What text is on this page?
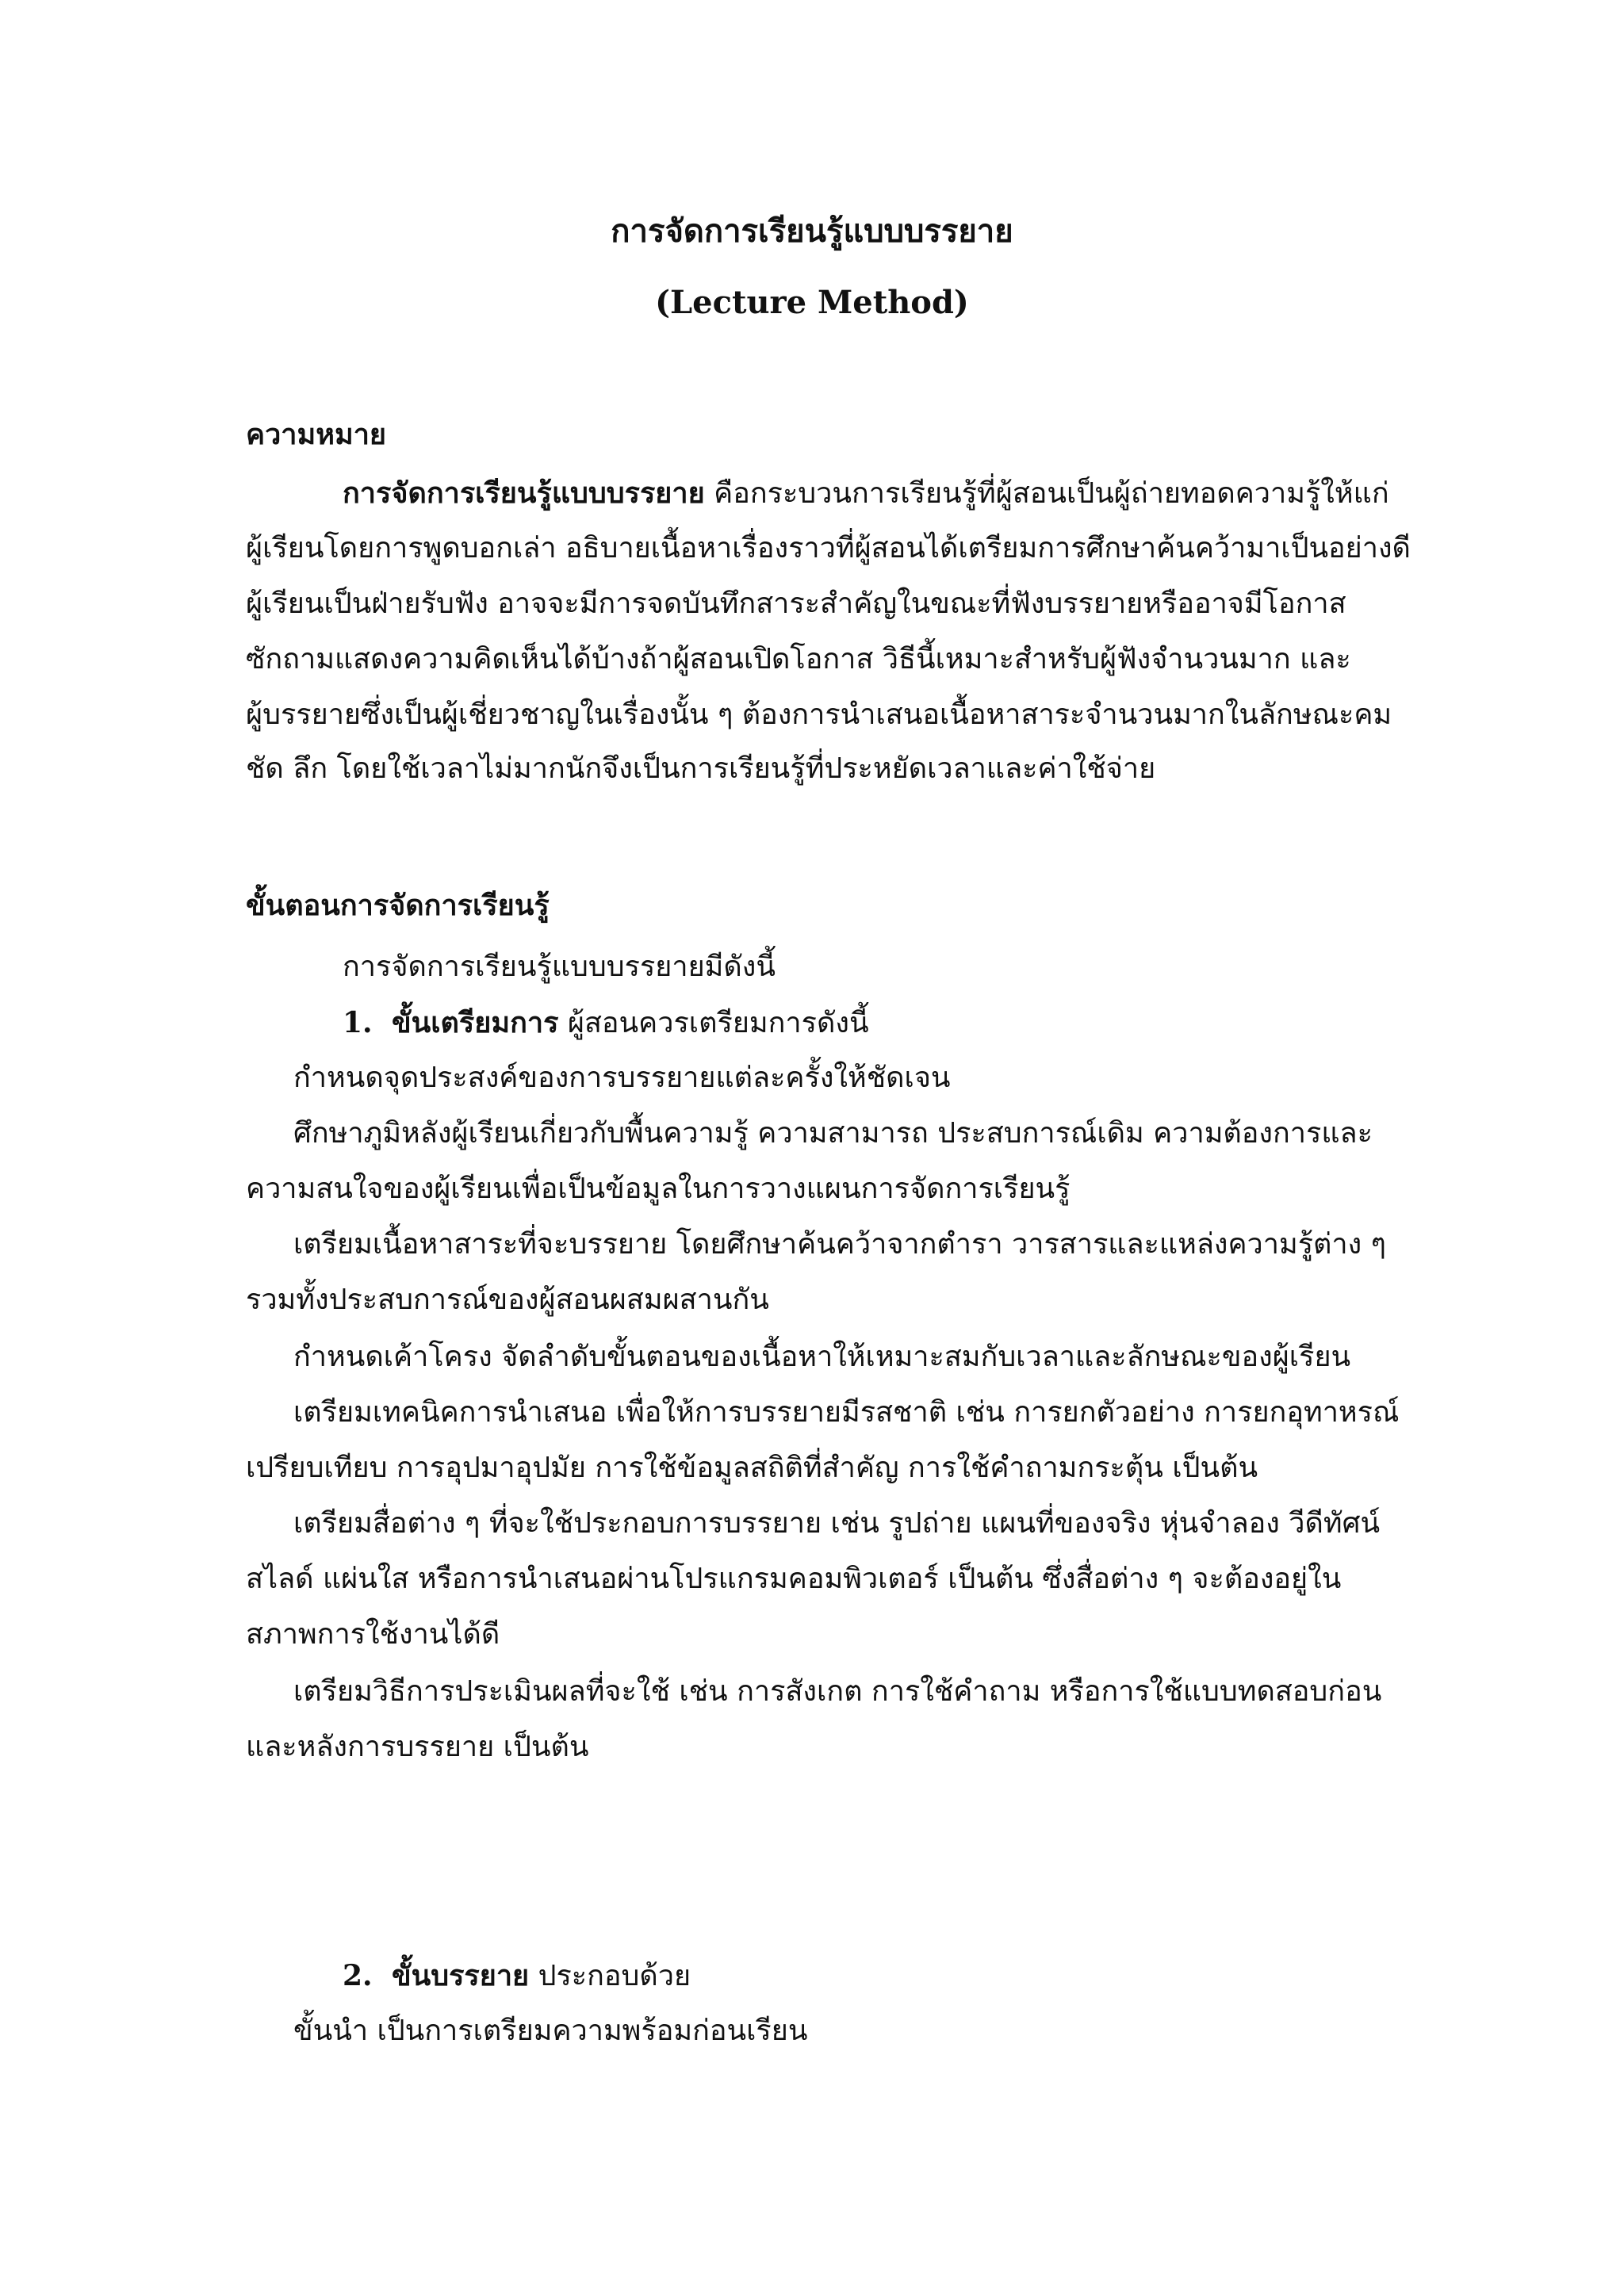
การจัดการเรียนรู้แบบบรรยาย
(Lecture Method)
ความหมาย
การจัดการเรียนรู้แบบบรรยาย คือกระบวนการเรียนรู้ที่ผู้สอนเป็นผู้ถ่ายทอดความรู้ให้แก่
ผู้เรียนโดยการพูดบอกเล่า อธิบายเนื้อหาเรื่องราวที่ผู้สอนได้เตรียมการศึกษาค้นคว้ามาเป็นอย่างดี
ผู้เรียนเป็นฝ่ายรับฟัง อาจจะมีการจดบันทึกสาระสำคัญในขณะที่ฟังบรรยายหรืออาจมีโอกาส
ซักถามแสดงความคิดเห็นได้บ้างถ้าผู้สอนเปิดโอกาส วิธีนี้เหมาะสำหรับผู้ฟังจำนวนมาก และ
ผู้บรรยายซึ่งเป็นผู้เชี่ยวชาญในเรื่องนั้น ๆ ต้องการนำเสนอเนื้อหาสาระจำนวนมากในลักษณะคม
ชัด ลึก โดยใช้เวลาไม่มากนักจึงเป็นการเรียนรู้ที่ประหยัดเวลาและค่าใช้จ่าย
ขั้นตอนการจัดการเรียนรู้
การจัดการเรียนรู้แบบบรรยายมีดังนี้
1. ขั้นเตรียมการ ผู้สอนควรเตรียมการดังนี้
กำหนดจุดประสงค์ของการบรรยายแต่ละครั้งให้ชัดเจน
ศึกษาภูมิหลังผู้เรียนเกี่ยวกับพื้นความรู้ ความสามารถ ประสบการณ์เดิม ความต้องการและ
ความสนใจของผู้เรียนเพื่อเป็นข้อมูลในการวางแผนการจัดการเรียนรู้
เตรียมเนื้อหาสาระที่จะบรรยาย โดยศึกษาค้นคว้าจากตำรา วารสารและแหล่งความรู้ต่าง ๆ
รวมทั้งประสบการณ์ของผู้สอนผสมผสานกัน
กำหนดเค้าโครง จัดลำดับขั้นตอนของเนื้อหาให้เหมาะสมกับเวลาและลักษณะของผู้เรียน
เตรียมเทคนิคการนำเสนอ เพื่อให้การบรรยายมีรสชาติ เช่น การยกตัวอย่าง การยกอุทาหรณ์
เปรียบเทียบ การอุปมาอุปมัย การใช้ข้อมูลสถิติที่สำคัญ การใช้คำถามกระตุ้น เป็นต้น
เตรียมสื่อต่าง ๆ ที่จะใช้ประกอบการบรรยาย เช่น รูปถ่าย แผนที่ของจริง หุ่นจำลอง วีดีทัศน์
สไลด์ แผ่นใส หรือการนำเสนอผ่านโปรแกรมคอมพิวเตอร์ เป็นต้น ซึ่งสื่อต่าง ๆ จะต้องอยู่ใน
สภาพการใช้งานได้ดี
เตรียมวิธีการประเมินผลที่จะใช้ เช่น การสังเกต การใช้คำถาม หรือการใช้แบบทดสอบก่อน
และหลังการบรรยาย เป็นต้น
2. ขั้นบรรยาย ประกอบด้วย
ขั้นนำ เป็นการเตรียมความพร้อมก่อนเรียน
